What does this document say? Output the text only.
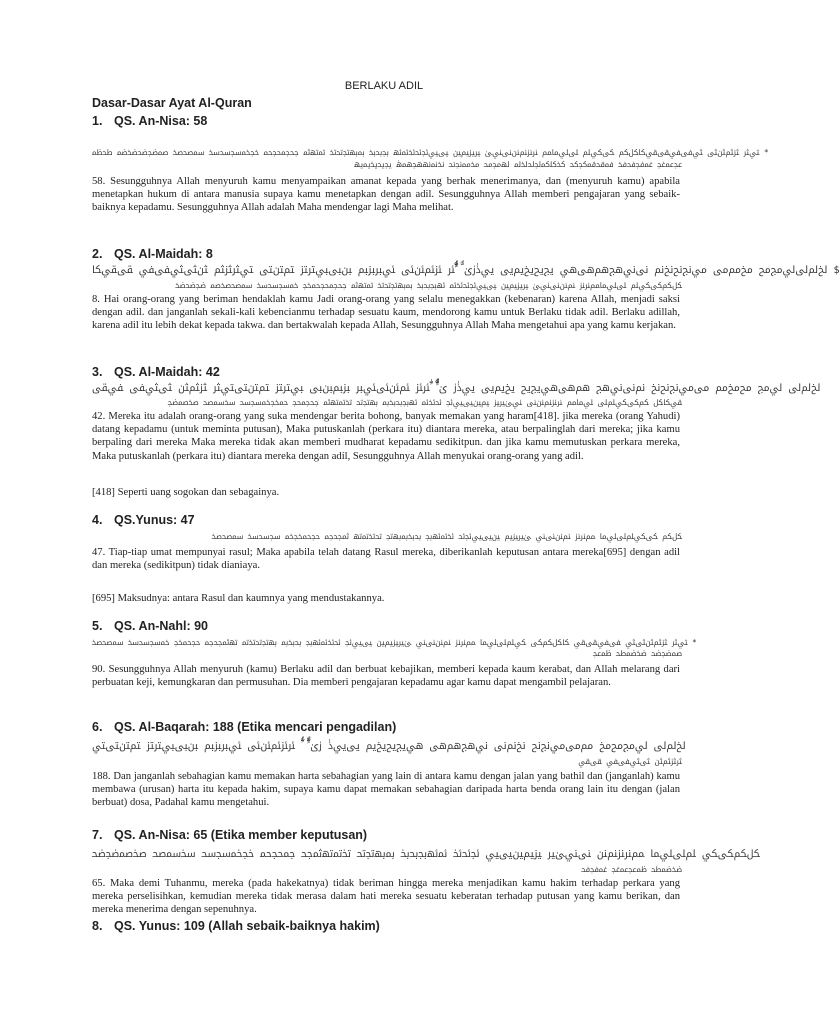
BERLAKU ADIL
Dasar-Dasar Ayat Al-Quran
1. QS. An-Nisa: 58
ﱵﱶ ﱷﱸﱹﱺ ﱻﱼﱽﱾﱿﲀﲁﲂ ﲃﲄﲅ ﲆﲇﲈﲉ ﲊﲋﲌﲍﲎﲏﲐ ﲑﲒﲓﲔ ﲕﲖﲗﲘﲙﲚﲛ ﲜﲝﲞ ﲟﲠﲡﲢﲣ ﲤﲥﲦ ﲧﲨﲩﲪ ﲫﲬﲭﲮﲯ ﲰﲱﲲ ﲳﲴﲵﲶﲷ ﲸﲹ *
ﲺﲻﲼ ﲽﲾﲿﳀ ﳁﳂﳃﳄﳅ ﳆﳇﳈﳉﳊﳋﳌ ﳍﳎﳏ ﳐﳑﳒﳓ ﳔﳕﳖﳗﳘﳙ ﳚﳛﳜﳝﳞ
58. Sesungguhnya Allah menyuruh kamu menyampaikan amanat kepada yang berhak menerimanya, dan (menyuruh kamu) apabila menetapkan hukum di antara manusia supaya kamu menetapkan dengan adil. Sesungguhnya Allah memberi pengajaran yang sebaik-baiknya kepadamu. Sesungguhnya Allah adalah Maha mendengar lagi Maha melihat.
2. QS. Al-Maidah: 8
ﱁﱂﱃﱄﱅﱆ ﱇﱈﱉ ﱊﱋﱌﱍﱎ ﱏﱐﱑﱒﱓﱔ ﱕﱖﱗﱘﱙ ﱚﱛﱜﱝﱞ ﱟﱠﱡﱢﱣﱤ ﱥﱦﱧﱨ ﱩﱪﱫﱬ ﱭﱮﱯﱰﱱ ﱲﱳﱴ ﱵﱶﱷﱸ ﱹﱺﱻﱼﱽ ﱾﱿﲀ $
ﲁﲂﲃﲄﲅ ﲆﲇﲈﲉﲊﲋ ﲌﲍﲎﲏﲐ ﲑﲒﲓﲔ ﲕﲖﲗﲘﲙﲚ ﲛﲜﲝﲞ ﲟﲠﲡﲢﲣ ﲤﲥﲦ ﲧﲨﲩﲪﲫ ﲬﲭﲮﲯ ﲰﲱﲲﲳ ﲴﲵﲶ
8. Hai orang-orang yang beriman hendaklah kamu Jadi orang-orang yang selalu menegakkan (kebenaran) karena Allah, menjadi saksi dengan adil. dan janganlah sekali-kali kebencianmu terhadap sesuatu kaum, mendorong kamu untuk Berlaku tidak adil. Berlaku adillah, karena adil itu lebih dekat kepada takwa. dan bertakwalah kepada Allah, Sesungguhnya Allah Maha mengetahui apa yang kamu kerjakan.
3. QS. Al-Maidah: 42
ﱁﱂﱃ ﱄﱅ ﱆﱇﱈ ﱉﱊﱋﱌﱍ ﱎﱏﱐﱑ ﱒﱓﱔﱕﱖ ﱗﱘﱙ ﱚﱛﱜ ﱝﱞﱟﱠﱡ ﱢﱣﱤﱥ ﱦﱧﱨﱩﱪ ﱫﱬﱭﱮ ﱯﱰﱱ ﱲﱳﱴﱵﱶ ﱷﱸﱹ ﱺﱻﱼ ﱽﱾ
ﱿﲀﲁ ﲂﲃﲄﲅﲆ ﲇﲈﲉ ﲊﲋﲌﲍﲎ ﲏﲐﲑﲒ ﲓﲔﲕﲖﲗ ﲘﲙﲚ ﲛﲜﲝﲞﲟ ﲠﲡﲢ ﲣﲤﲥﲦ ﲧﲨﲩ ﲪﲫﲬﲭﲮ ﲯﲰﲱ ﲲﲳﲴ
42. Mereka itu adalah orang-orang yang suka mendengar berita bohong, banyak memakan yang haram[418]. jika mereka (orang Yahudi) datang kepadamu (untuk meminta putusan), Maka putuskanlah (perkara itu) diantara mereka, atau berpalinglah dari mereka; jika kamu berpaling dari mereka Maka mereka tidak akan memberi mudharat kepadamu sedikitpun. dan jika kamu memutuskan perkara mereka, Maka putuskanlah (perkara itu) diantara mereka dengan adil, Sesungguhnya Allah menyukai orang-orang yang adil.
[418] Seperti uang sogokan dan sebagainya.
4. QS.Yunus: 47
ﲁﲂ ﲃﲄﲅﲆﲇﲈ ﲉﲊﲋ ﲌﲍﲎﲏ ﲐﲑﲒﲓ ﲔﲕﲖﲗﲘ ﲙﲚﲛﲜ ﲝﲞﲟﲠﲡ ﲢﲣﲤﲥ ﲦﲧﲨ ﲩﲪﲫﲬ ﲭﲮﲯ ﲰﲱﲲ
47. Tiap-tiap umat mempunyai rasul; Maka apabila telah datang Rasul mereka, diberikanlah keputusan antara mereka[695] dengan adil dan mereka (sedikitpun) tidak dianiaya.
[695] Maksudnya: antara Rasul dan kaumnya yang mendustakannya.
5. QS. An-Nahl: 90
ﱵﱶ ﱷﱸﱹﱺﱻ ﱼﱽﱾﱿ ﲀﲁﲂﲃ ﲄﲅﲆﲇﲈ ﲉﲊﲋ ﲌﲍﲎﲏ ﲐﲑﲒﲓﲔ ﲕﲖﲗ ﲘﲙﲚﲛﲜ ﲝﲞﲟ ﲠﲡﲢﲣﲤ ﲥﲦﲧﲨ ﲩﲪﲫ ﲬﲭﲮﲯ ﲰﲱﲲ *
ﲳﲴﲵ ﲶﲷﲸ ﲹﲺ
90. Sesungguhnya Allah menyuruh (kamu) Berlaku adil dan berbuat kebajikan, memberi kepada kaum kerabat, dan Allah melarang dari perbuatan keji, kemungkaran dan permusuhan. Dia memberi pengajaran kepadamu agar kamu dapat mengambil pelajaran.
6. QS. Al-Baqarah: 188 (Etika mencari pengadilan)
ﱁﱂﱃ ﱄﱅﱆﱇ ﱈﱉﱊﱋﱌ ﱍﱎﱏ ﱐﱑﱒﱓ ﱔﱕﱖﱗﱘ ﱙﱚﱛ ﱜﱝﱞﱟﱠ ﱡﱢﱣ ﱤﱥﱦﱧﱨ ﱩﱪﱫﱬ ﱭﱮﱯﱰﱱ ﱲﱳﱴﱵ
ﱶﱷﱸﱹ ﱺﱻﱼﱽ ﱾﱿ
188. Dan janganlah sebahagian kamu memakan harta sebahagian yang lain di antara kamu dengan jalan yang bathil dan (janganlah) kamu membawa (urusan) harta itu kepada hakim, supaya kamu dapat memakan sebahagian daripada harta benda orang lain itu dengan (jalan berbuat) dosa, Padahal kamu mengetahui.
7. QS. An-Nisa: 65 (Etika member keputusan)
ﲁﲂﲃﲄ ﲅﲆﲇﲈ ﲉﲊﲋﲌﲍ ﲎﲏﲐﲑ ﲒﲓﲔﲕﲖ ﲗﲘﲙ ﲚﲛﲜﲝﲞ ﲟﲠﲡﲢ ﲣﲤﲥﲦﲧ ﲨﲩﲪ ﲫﲬﲭﲮ ﲯﲰﲱ ﲲﲳﲴﲵ
ﲶﲷﲸ ﲹﲺﲻﲼ ﲽﲾﲿ
65. Maka demi Tuhanmu, mereka (pada hakekatnya) tidak beriman hingga mereka menjadikan kamu hakim terhadap perkara yang mereka perselisihkan, kemudian mereka tidak merasa dalam hati mereka sesuatu keberatan terhadap putusan yang kamu berikan, dan mereka menerima dengan sepenuhnya.
8. QS. Yunus: 109 (Allah sebaik-baiknya hakim)
